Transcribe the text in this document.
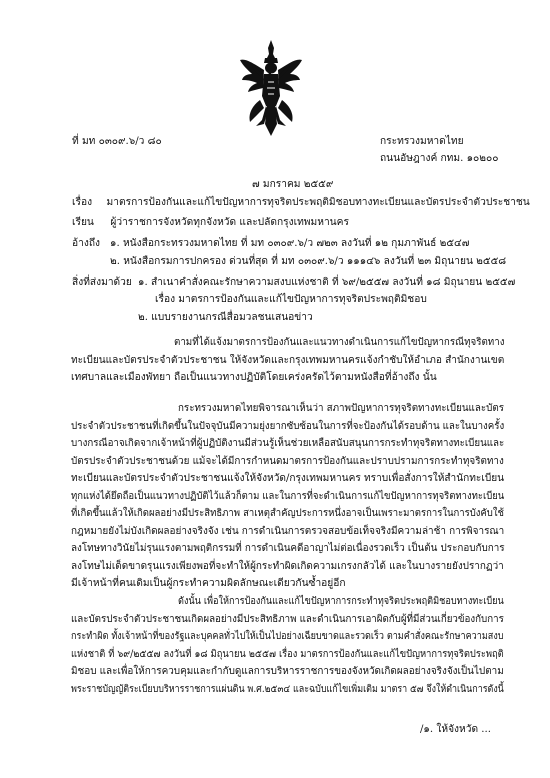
ที่ มท ๐๓๐๙.๖/ว ๘๐	กระทรวงมหาดไทย
ถนนอัษฎางค์ กทม. ๑๐๒๐๐
๗ มกราคม ๒๕๕๙
เรื่อง มาตรการป้องกันและแก้ไขปัญหาการทุจริตประพฤติมิชอบทางทะเบียนและบัตรประจำตัวประชาชน
เรียน ผู้ว่าราชการจังหวัดทุกจังหวัด และปลัดกรุงเทพมหานคร
อ้างถึง ๑. หนังสือกระทรวงมหาดไทย ที่ มท ๐๓๐๙.๖/ว ๗๒๓ ลงวันที่ ๑๒ กุมภาพันธ์ ๒๕๔๗
๒. หนังสือกรมการปกครอง ด่วนที่สุด ที่ มท ๐๓๐๙.๖/ว ๑๑๑๔๖ ลงวันที่ ๒๓ มิถุนายน ๒๕๕๘
สิ่งที่ส่งมาด้วย ๑. สำเนาคำสั่งคณะรักษาความสงบแห่งชาติ ที่ ๖๙/๒๕๕๗ ลงวันที่ ๑๘ มิถุนายน ๒๕๕๗
เรื่อง มาตรการป้องกันและแก้ไขปัญหาการทุจริตประพฤติมิชอบ
๒. แบบรายงานกรณีสื่อมวลชนเสนอข่าว
ตามที่ได้แจ้งมาตรการป้องกันและแนวทางดำเนินการแก้ไขปัญหากรณีทุจริตทาง
ทะเบียนและบัตรประจำตัวประชาชน ให้จังหวัดและกรุงเทพมหานครแจ้งกำชับให้อำเภอ สำนักงานเขต
เทศบาลและเมืองพัทยา ถือเป็นแนวทางปฏิบัติโดยเคร่งครัดไว้ตามหนังสือที่อ้างถึง นั้น
กระทรวงมหาดไทยพิจารณาเห็นว่า สภาพปัญหาการทุจริตทางทะเบียนและบัตร
ประจำตัวประชาชนที่เกิดขึ้นในปัจจุบันมีความยุ่งยากซับซ้อนในการที่จะป้องกันได้รอบด้าน และในบางครั้ง
บางกรณีอาจเกิดจากเจ้าหน้าที่ผู้ปฏิบัติงานมีส่วนรู้เห็นช่วยเหลือสนับสนุนการกระทำทุจริตทางทะเบียนและ
บัตรประจำตัวประชาชนด้วย แม้จะได้มีการกำหนดมาตรการป้องกันและปราบปรามการกระทำทุจริตทาง
ทะเบียนและบัตรประจำตัวประชาชนแจ้งให้จังหวัด/กรุงเทพมหานคร ทราบเพื่อสั่งการให้สำนักทะเบียน
ทุกแห่งได้ยึดถือเป็นแนวทางปฏิบัติไว้แล้วก็ตาม และในการที่จะดำเนินการแก้ไขปัญหาการทุจริตทางทะเบียน
ที่เกิดขึ้นแล้วให้เกิดผลอย่างมีประสิทธิภาพ สาเหตุสำคัญประการหนึ่งอาจเป็นเพราะมาตรการในการบังคับใช้
กฎหมายยังไม่บังเกิดผลอย่างจริงจัง เช่น การดำเนินการตรวจสอบข้อเท็จจริงมีความล่าช้า การพิจารณา
ลงโทษทางวินัยไม่รุนแรงตามพฤติกรรมที่ การดำเนินคดีอาญาไม่ต่อเนื่องรวดเร็ว เป็นต้น ประกอบกับการ
ลงโทษไม่เด็ดขาดรุนแรงเพียงพอที่จะทำให้ผู้กระทำผิดเกิดความเกรงกลัวได้ และในบางรายยังปรากฏว่า
มีเจ้าหน้าที่คนเดิมเป็นผู้กระทำความผิดลักษณะเดียวกันซ้ำอยู่อีก
ดังนั้น เพื่อให้การป้องกันและแก้ไขปัญหาการกระทำทุจริตประพฤติมิชอบทางทะเบียน
และบัตรประจำตัวประชาชนเกิดผลอย่างมีประสิทธิภาพ และดำเนินการเอาผิดกับผู้ที่มีส่วนเกี่ยวข้องกับการ
กระทำผิด ทั้งเจ้าหน้าที่ของรัฐและบุคคลทั่วไปให้เป็นไปอย่างเฉียบขาดและรวดเร็ว ตามคำสั่งคณะรักษาความสงบ
แห่งชาติ ที่ ๖๙/๒๕๕๗ ลงวันที่ ๑๘ มิถุนายน ๒๕๕๗ เรื่อง มาตรการป้องกันและแก้ไขปัญหาการทุจริตประพฤติ
มิชอบ และเพื่อให้การควบคุมและกำกับดูแลการบริหารราชการของจังหวัดเกิดผลอย่างจริงจังเป็นไปตาม
พระราชบัญญัติระเบียบบริหารราชการแผ่นดิน พ.ศ.๒๕๓๔ และฉบับแก้ไขเพิ่มเติม มาตรา ๕๗ จึงให้ดำเนินการดังนี้
/๑. ให้จังหวัด ...
